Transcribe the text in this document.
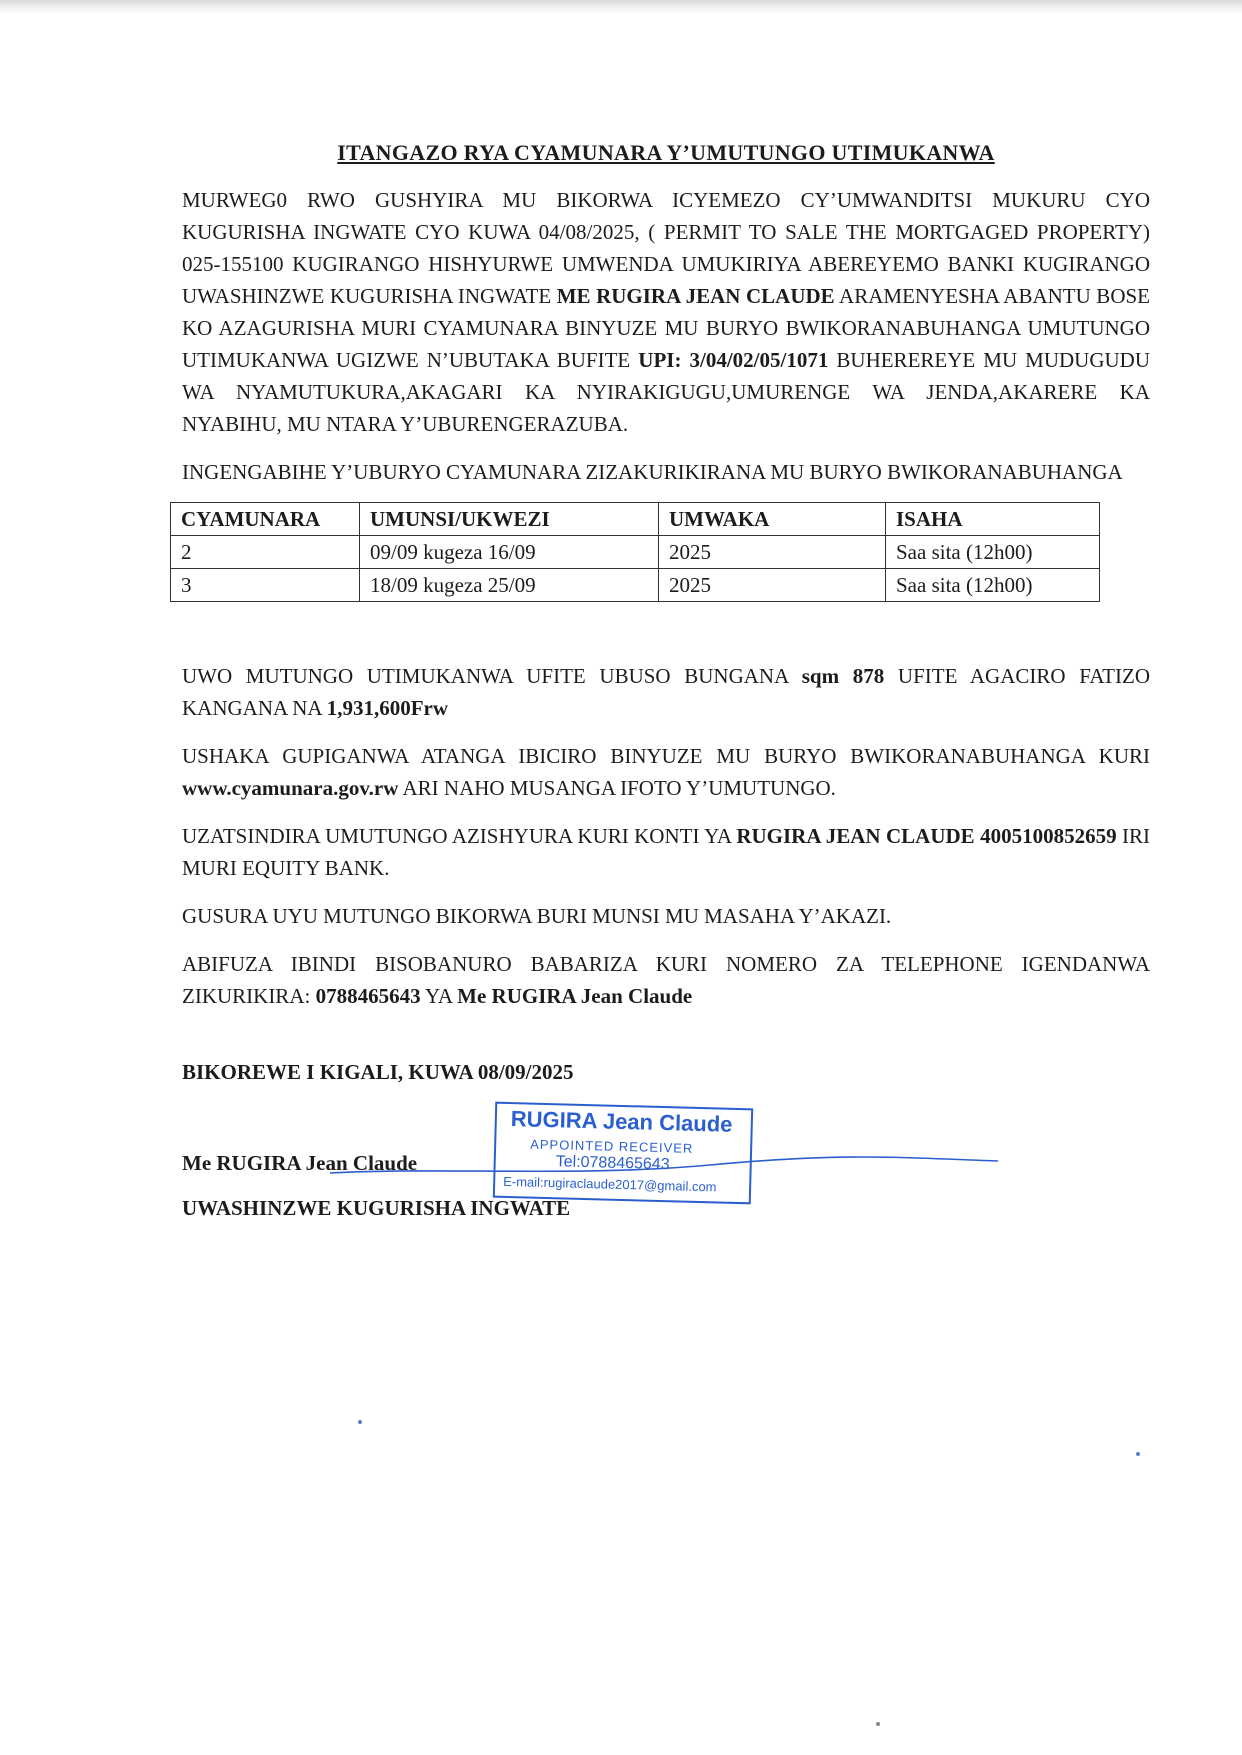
ITANGAZO RYA CYAMUNARA Y’UMUTUNGO UTIMUKANWA

MURWEG0 RWO GUSHYIRA MU BIKORWA ICYEMEZO CY’UMWANDITSI MUKURU CYO KUGURISHA INGWATE CYO KUWA 04/08/2025, ( PERMIT TO SALE THE MORTGAGED PROPERTY) 025-155100 KUGIRANGO HISHYURWE UMWENDA UMUKIRIYA ABEREYEMO BANKI KUGIRANGO UWASHINZWE KUGURISHA INGWATE ME RUGIRA JEAN CLAUDE ARAMENYESHA ABANTU BOSE KO AZAGURISHA MURI CYAMUNARA BINYUZE MU BURYO BWIKORANABUHANGA UMUTUNGO UTIMUKANWA UGIZWE N’UBUTAKA BUFITE UPI: 3/04/02/05/1071 BUHEREREYE MU MUDUGUDU WA NYAMUTUKURA,AKAGARI KA NYIRAKIGUGU,UMURENGE WA JENDA,AKARERE KA NYABIHU, MU NTARA Y’UBURENGERAZUBA.

INGENGABIHE Y’UBURYO CYAMUNARA ZIZAKURIKIRANA MU BURYO BWIKORANABUHANGA

CYAMUNARA	UMUNSI/UKWEZI	UMWAKA	ISAHA
2	09/09 kugeza 16/09	2025	Saa sita (12h00)
3	18/09 kugeza 25/09	2025	Saa sita (12h00)

UWO MUTUNGO UTIMUKANWA UFITE UBUSO BUNGANA sqm 878 UFITE AGACIRO FATIZO KANGANA NA 1,931,600Frw

USHAKA GUPIGANWA ATANGA IBICIRO BINYUZE MU BURYO BWIKORANABUHANGA KURI www.cyamunara.gov.rw ARI NAHO MUSANGA IFOTO Y’UMUTUNGO.

UZATSINDIRA UMUTUNGO AZISHYURA KURI KONTI YA RUGIRA JEAN CLAUDE 4005100852659 IRI MURI EQUITY BANK.

GUSURA UYU MUTUNGO BIKORWA BURI MUNSI MU MASAHA Y’AKAZI.

ABIFUZA IBINDI BISOBANURO BABARIZA KURI NOMERO ZA TELEPHONE IGENDANWA ZIKURIKIRA: 0788465643 YA Me RUGIRA Jean Claude

BIKOREWE I KIGALI, KUWA 08/09/2025
Me RUGIRA Jean Claude
RUGIRA Jean Claude
APPOINTED RECEIVER
Tel:0788465643
E-mail:rugiraclaude2017@gmail.com
UWASHINZWE KUGURISHA INGWATE
